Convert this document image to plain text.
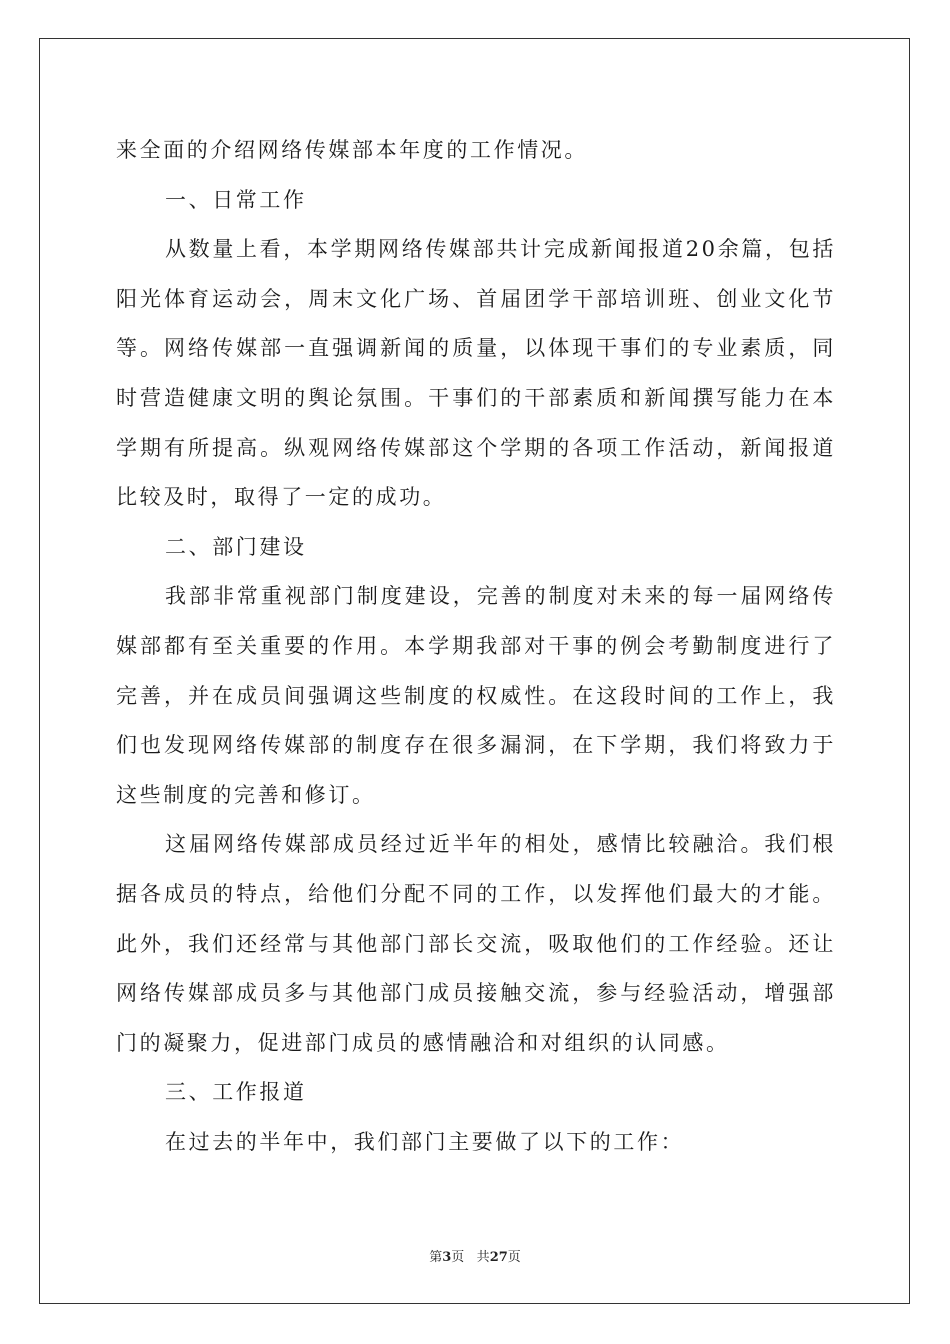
来全面的介绍网络传媒部本年度的工作情况。

一、日常工作

从数量上看，本学期网络传媒部共计完成新闻报道20余篇，包括阳光体育运动会，周末文化广场、首届团学干部培训班、创业文化节等。网络传媒部一直强调新闻的质量，以体现干事们的专业素质，同时营造健康文明的舆论氛围。干事们的干部素质和新闻撰写能力在本学期有所提高。纵观网络传媒部这个学期的各项工作活动，新闻报道比较及时，取得了一定的成功。

二、部门建设

我部非常重视部门制度建设，完善的制度对未来的每一届网络传媒部都有至关重要的作用。本学期我部对干事的例会考勤制度进行了完善，并在成员间强调这些制度的权威性。在这段时间的工作上，我们也发现网络传媒部的制度存在很多漏洞，在下学期，我们将致力于这些制度的完善和修订。

这届网络传媒部成员经过近半年的相处，感情比较融洽。我们根据各成员的特点，给他们分配不同的工作，以发挥他们最大的才能。此外，我们还经常与其他部门部长交流，吸取他们的工作经验。还让网络传媒部成员多与其他部门成员接触交流，参与经验活动，增强部门的凝聚力，促进部门成员的感情融洽和对组织的认同感。

三、工作报道

在过去的半年中，我们部门主要做了以下的工作：

第3页 共27页
